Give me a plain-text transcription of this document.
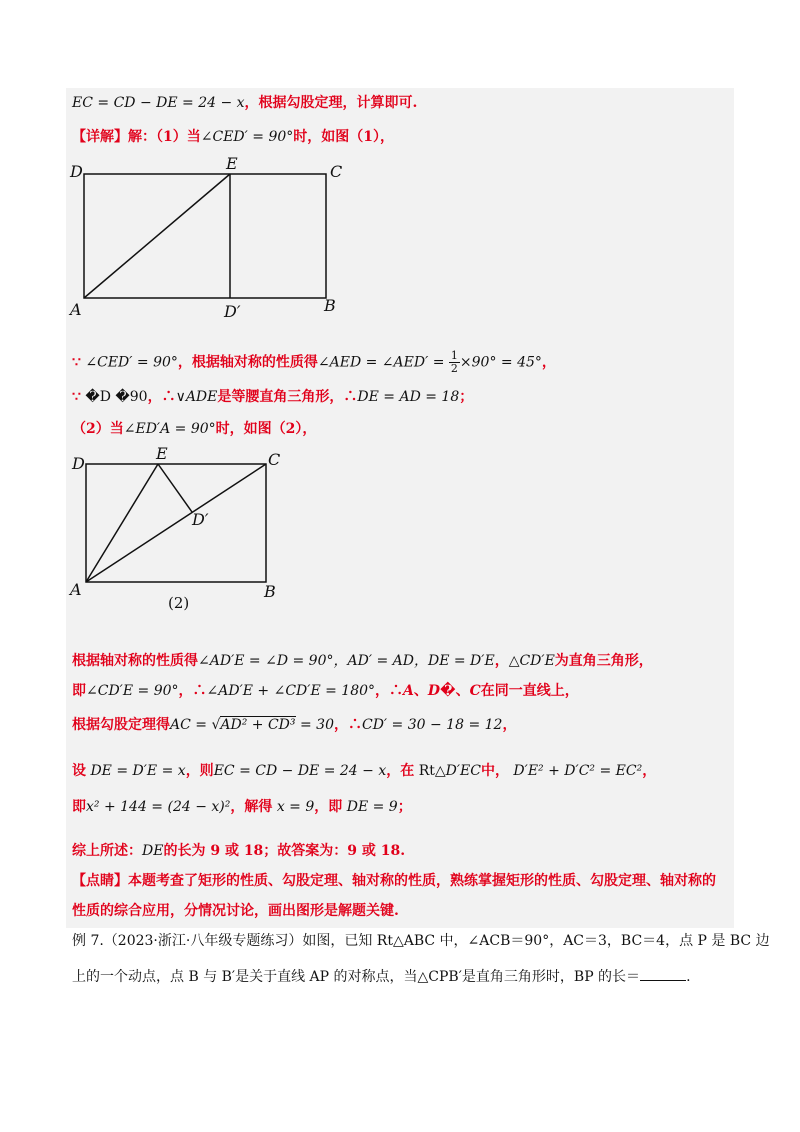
EC = CD − DE = 24 − x，根据勾股定理，计算即可.
【详解】解：（1）当∠CED′ = 90°时，如图（1），
D	E	C
A	D′	B
∵ ∠CED′ = 90°，根据轴对称的性质得∠AED = ∠AED′ = $\frac{1}{2} \times 90^\circ = 45^\circ$，
∵ �D �90，∴∨ADE是等腰直角三角形，∴DE = AD = 18；
（2）当∠ED′A = 90°时，如图（2），
D
E	C
A
D′
B
(2)
根据轴对称的性质得∠AD′E = ∠D = 90°，AD′ = AD，DE = D′E，△CD′E为直角三角形，
即∠CD′E = 90°，∴∠AD′E + ∠CD′E = 180°，∴A、D�、C在同一直线上，
根据勾股定理得AC = √AD² + CD³ = 30，∴CD′ = 30 − 18 = 12，
设 DE = D′E = x，则EC = CD − DE = 24 − x，在 Rt△D′EC中， D′E² + D′C² = EC²，
即x² + 144 = (24 − x)²，解得 x = 9，即 DE = 9；
综上所述：DE的长为 9 或 18；故答案为：9 或 18.
【点睛】本题考查了矩形的性质、勾股定理、轴对称的性质，熟练掌握矩形的性质、勾股定理、轴对称的
性质的综合应用，分情况讨论，画出图形是解题关键.
例 7.（2023·浙江·八年级专题练习）如图，已知 Rt△ABC 中，∠ACB＝90°，AC＝3，BC＝4，点 P 是 BC 边
上的一个动点，点 B 与 B′是关于直线 AP 的对称点，当△CPB′是直角三角形时，BP 的长＝	.
